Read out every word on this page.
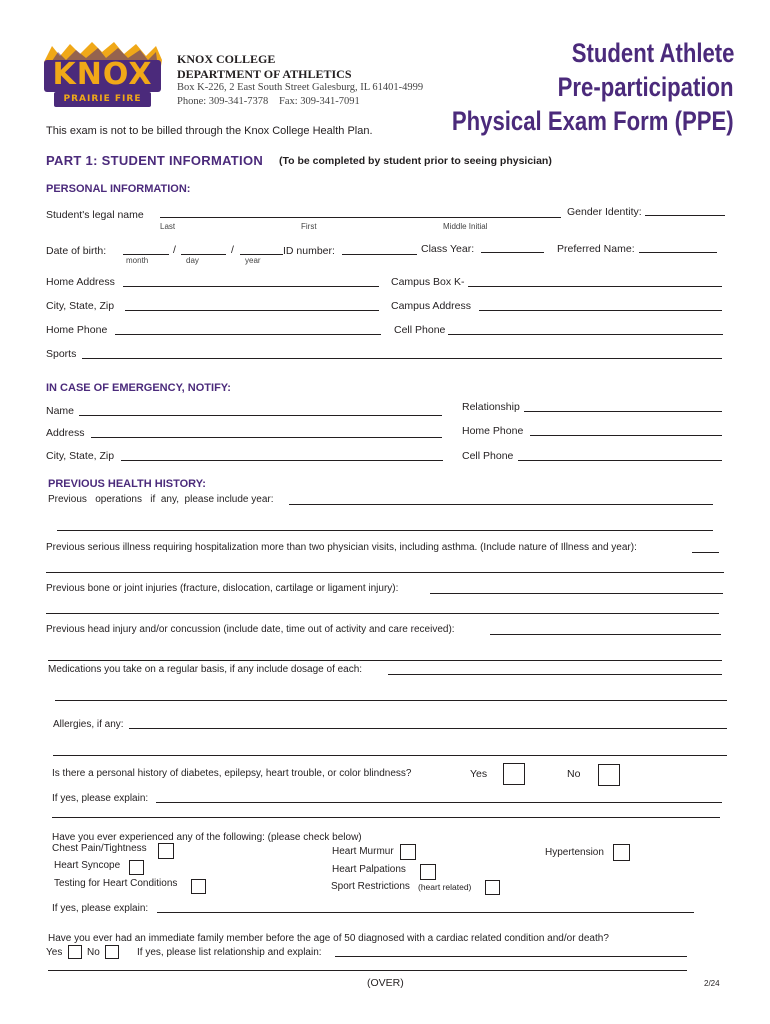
KNOX
PRAIRIE FIRE
KNOX COLLEGE
DEPARTMENT OF ATHLETICS
Box K-226, 2 East South Street Galesburg, IL 61401-4999
Phone: 309-341-7378 Fax: 309-341-7091
This exam is not to be billed through the Knox College Health Plan.
Student Athlete
Pre-participation
Physical Exam Form (PPE)
PART 1: STUDENT INFORMATION (To be completed by student prior to seeing physician)
PERSONAL INFORMATION:
Student's legal name
Last	First	Middle Initial
Gender Identity:
Date of birth:	/	/
month	day	year
ID number:	Class Year:	Preferred Name:
Home Address	Campus Box K-
City, State, Zip	Campus Address
Home Phone	Cell Phone
Sports
IN CASE OF EMERGENCY, NOTIFY:
Name	Relationship
Address	Home Phone
City, State, Zip	Cell Phone
PREVIOUS HEALTH HISTORY:
Previous   operations   if  any,  please include year:
Previous serious illness requiring hospitalization more than two physician visits, including asthma. (Include nature of Illness and year):
Previous bone or joint injuries (fracture, dislocation, cartilage or ligament injury):
Previous head injury and/or concussion (include date, time out of activity and care received):
Medications you take on a regular basis, if any include dosage of each:
Allergies, if any:
Is there a personal history of diabetes, epilepsy, heart trouble, or color blindness?	Yes	No
If yes, please explain:
Have you ever experienced any of the following: (please check below)
Chest Pain/Tightness	Heart Murmur	Hypertension
Heart Syncope	Heart Palpations
Testing for Heart Conditions	Sport Restrictions (heart related)
If yes, please explain:
Have you ever had an immediate family member before the age of 50 diagnosed with a cardiac related condition and/or death?
Yes No	If yes, please list relationship and explain:
(OVER)	2/24
